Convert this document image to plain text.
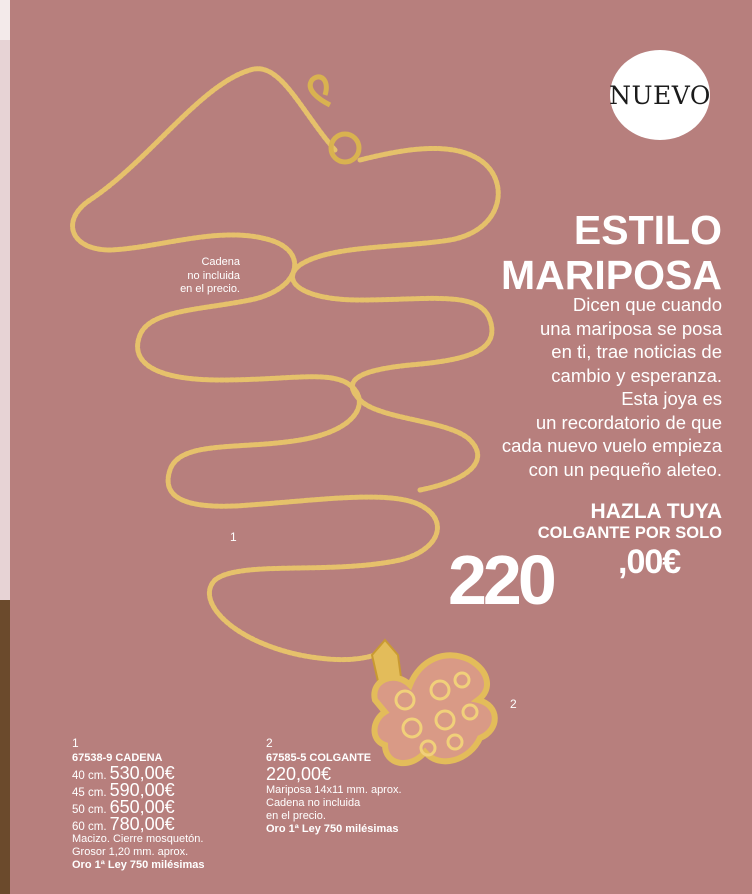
NUEVO
ESTILO
MARIPOSA
Dicen que cuando
una mariposa se posa
en ti, trae noticias de
cambio y esperanza.
Esta joya es
un recordatorio de que
cada nuevo vuelo empieza
con un pequeño aleteo.
HAZLA TUYA
COLGANTE POR SOLO
220 ,00€
Cadena
no incluida
en el precio.
1
2
1
67538-9 CADENA
40 cm. 530,00€
45 cm. 590,00€
50 cm. 650,00€
60 cm. 780,00€
Macizo. Cierre mosquetón.
Grosor 1,20 mm. aprox.
Oro 1ª Ley 750 milésimas
2
67585-5 COLGANTE
220,00€
Mariposa 14x11 mm. aprox.
Cadena no incluida
en el precio.
Oro 1ª Ley 750 milésimas
